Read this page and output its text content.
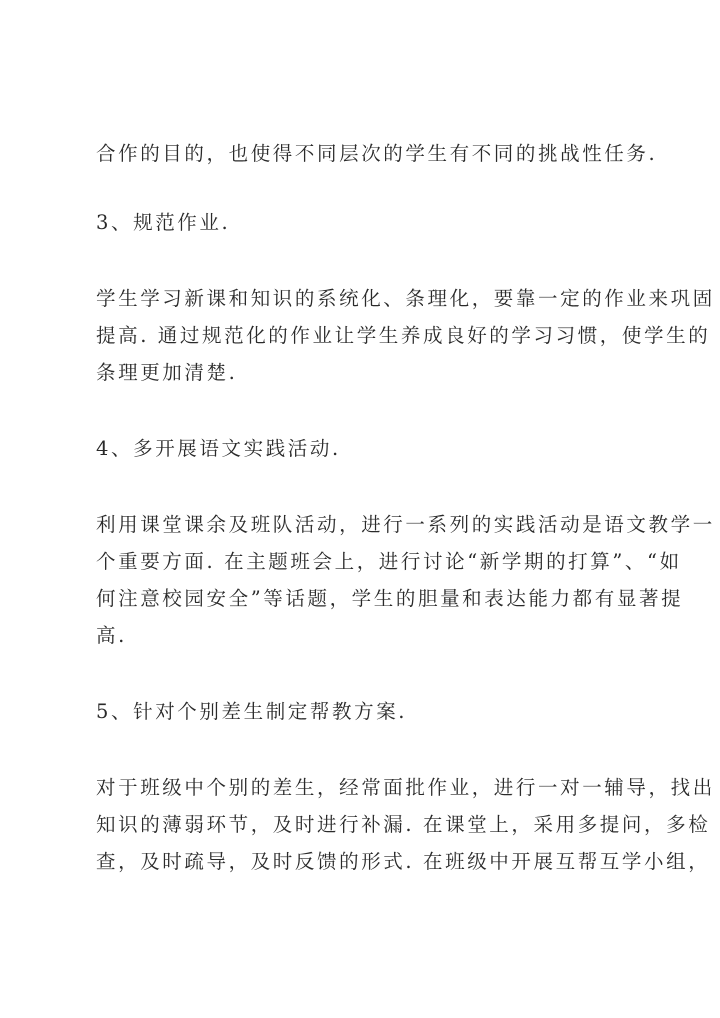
合作的目的，也使得不同层次的学生有不同的挑战性任务.
3、规范作业.
学生学习新课和知识的系统化、条理化，要靠一定的作业来巩固
提高. 通过规范化的作业让学生养成良好的学习习惯，使学生的
条理更加清楚.
4、多开展语文实践活动.
利用课堂课余及班队活动，进行一系列的实践活动是语文教学一
个重要方面. 在主题班会上，进行讨论“新学期的打算”、“如
何注意校园安全”等话题，学生的胆量和表达能力都有显著提
高.
5、针对个别差生制定帮教方案.
对于班级中个别的差生，经常面批作业，进行一对一辅导，找出
知识的薄弱环节，及时进行补漏. 在课堂上，采用多提问，多检
查，及时疏导，及时反馈的形式. 在班级中开展互帮互学小组，
